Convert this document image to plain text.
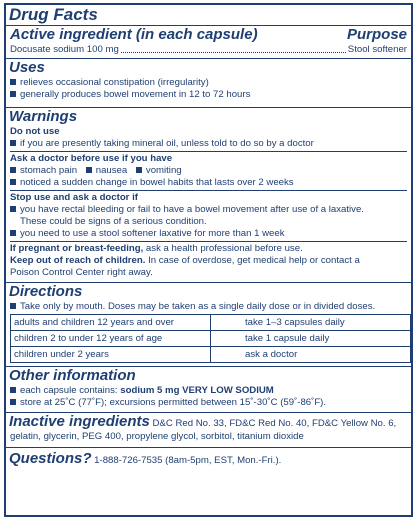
Drug Facts
Active ingredient (in each capsule)	Purpose
Docusate sodium 100 mg	Stool softener
Uses
relieves occasional constipation (irregularity)
generally produces bowel movement in 12 to 72 hours
Warnings
Do not use
if you are presently taking mineral oil, unless told to do so by a doctor
Ask a doctor before use if you have
stomach pain nausea vomiting
noticed a sudden change in bowel habits that lasts over 2 weeks
Stop use and ask a doctor if
you have rectal bleeding or fail to have a bowel movement after use of a laxative.
These could be signs of a serious condition.
you need to use a stool softener laxative for more than 1 week
If pregnant or breast-feeding, ask a health professional before use.
Keep out of reach of children. In case of overdose, get medical help or contact a
Poison Control Center right away.
Directions
Take only by mouth. Doses may be taken as a single daily dose or in divided doses.
adults and children 12 years and over	take 1–3 capsules daily
children 2 to under 12 years of age	take 1 capsule daily
children under 2 years	ask a doctor
Other information
each capsule contains: sodium 5 mg VERY LOW SODIUM
store at 25˚C (77˚F); excursions permitted between 15˚-30˚C (59˚-86˚F).
Inactive ingredients D&C Red No. 33, FD&C Red No. 40, FD&C Yellow No. 6,
gelatin, glycerin, PEG 400, propylene glycol, sorbitol, titanium dioxide
Questions? 1-888-726-7535 (8am-5pm, EST, Mon.-Fri.).
